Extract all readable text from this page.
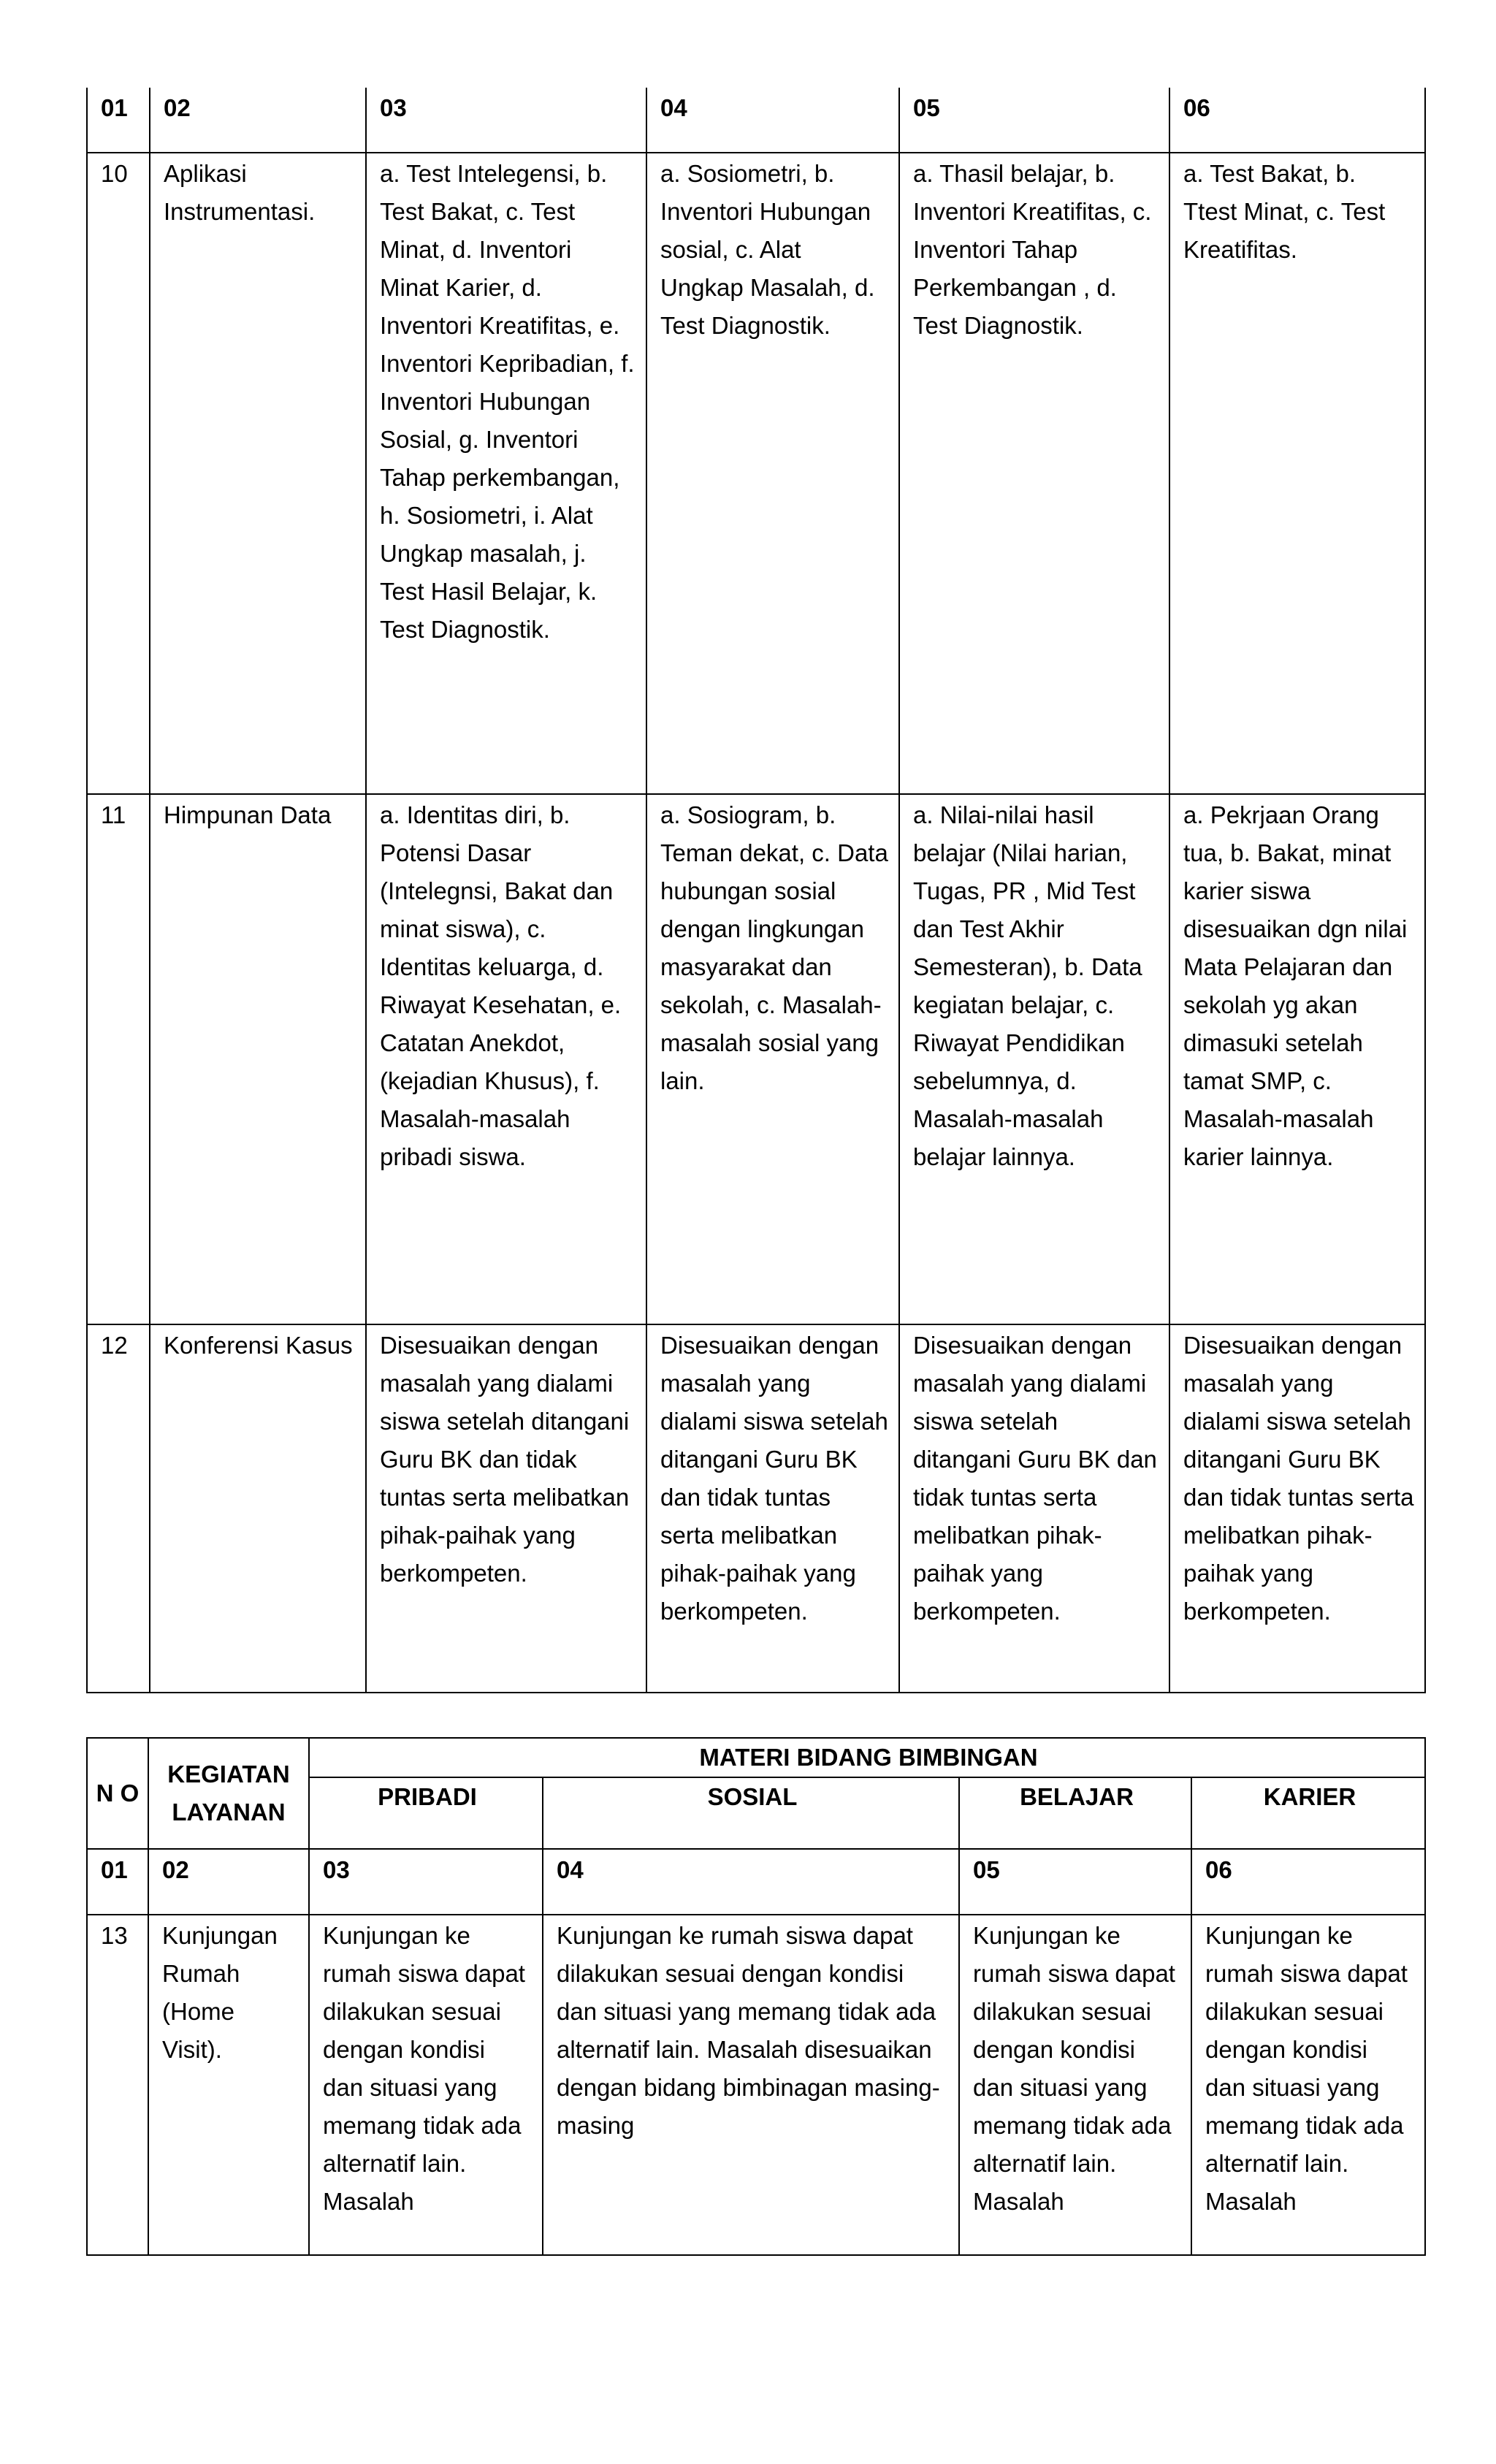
01	02	03	04	05	06
10	Aplikasi Instrumentasi.	a. Test Intelegensi, b. Test Bakat, c. Test Minat, d. Inventori Minat Karier, d. Inventori Kreatifitas, e. Inventori Kepribadian, f. Inventori Hubungan Sosial, g. Inventori Tahap perkembangan, h. Sosiometri, i. Alat Ungkap masalah, j. Test Hasil Belajar, k. Test Diagnostik.	a. Sosiometri, b. Inventori Hubungan sosial, c. Alat Ungkap Masalah, d. Test Diagnostik.	a. Thasil belajar, b. Inventori Kreatifitas, c. Inventori Tahap Perkembangan , d. Test Diagnostik.	a. Test Bakat, b. Ttest Minat, c. Test Kreatifitas.
11	Himpunan Data	a. Identitas diri, b. Potensi Dasar (Intelegnsi, Bakat dan minat siswa), c. Identitas keluarga, d. Riwayat Kesehatan, e. Catatan Anekdot, (kejadian Khusus), f. Masalah-masalah pribadi siswa.	a. Sosiogram, b. Teman dekat, c. Data hubungan sosial dengan lingkungan masyarakat dan sekolah, c. Masalah-masalah sosial yang lain.	a. Nilai-nilai hasil belajar (Nilai harian, Tugas, PR , Mid Test dan Test Akhir Semesteran), b. Data kegiatan belajar, c. Riwayat Pendidikan sebelumnya, d. Masalah-masalah belajar lainnya.	a. Pekrjaan Orang tua, b. Bakat, minat karier siswa disesuaikan dgn nilai Mata Pelajaran dan sekolah yg akan dimasuki setelah tamat SMP, c. Masalah-masalah karier lainnya.
12	Konferensi Kasus	Disesuaikan dengan masalah yang dialami siswa setelah ditangani Guru BK dan tidak tuntas serta melibatkan pihak-paihak yang berkompeten.	Disesuaikan dengan masalah yang dialami siswa setelah ditangani Guru BK dan tidak tuntas serta melibatkan pihak-paihak yang berkompeten.	Disesuaikan dengan masalah yang dialami siswa setelah ditangani Guru BK dan tidak tuntas serta melibatkan pihak-paihak yang berkompeten.	Disesuaikan dengan masalah yang dialami siswa setelah ditangani Guru BK dan tidak tuntas serta melibatkan pihak-paihak yang berkompeten.
N O	KEGIATAN LAYANAN	MATERI BIDANG BIMBINGAN			
		PRIBADI	SOSIAL	BELAJAR	KARIER
01	02	03	04	05	06
13	Kunjungan Rumah (Home Visit).	Kunjungan ke rumah siswa dapat dilakukan sesuai dengan kondisi dan situasi yang memang tidak ada alternatif lain. Masalah	Kunjungan ke rumah siswa dapat dilakukan sesuai dengan kondisi dan situasi yang memang tidak ada alternatif lain. Masalah disesuaikan dengan bidang bimbinagan masing-masing	Kunjungan ke rumah siswa dapat dilakukan sesuai dengan kondisi dan situasi yang memang tidak ada alternatif lain. Masalah	Kunjungan ke rumah siswa dapat dilakukan sesuai dengan kondisi dan situasi yang memang tidak ada alternatif lain. Masalah
